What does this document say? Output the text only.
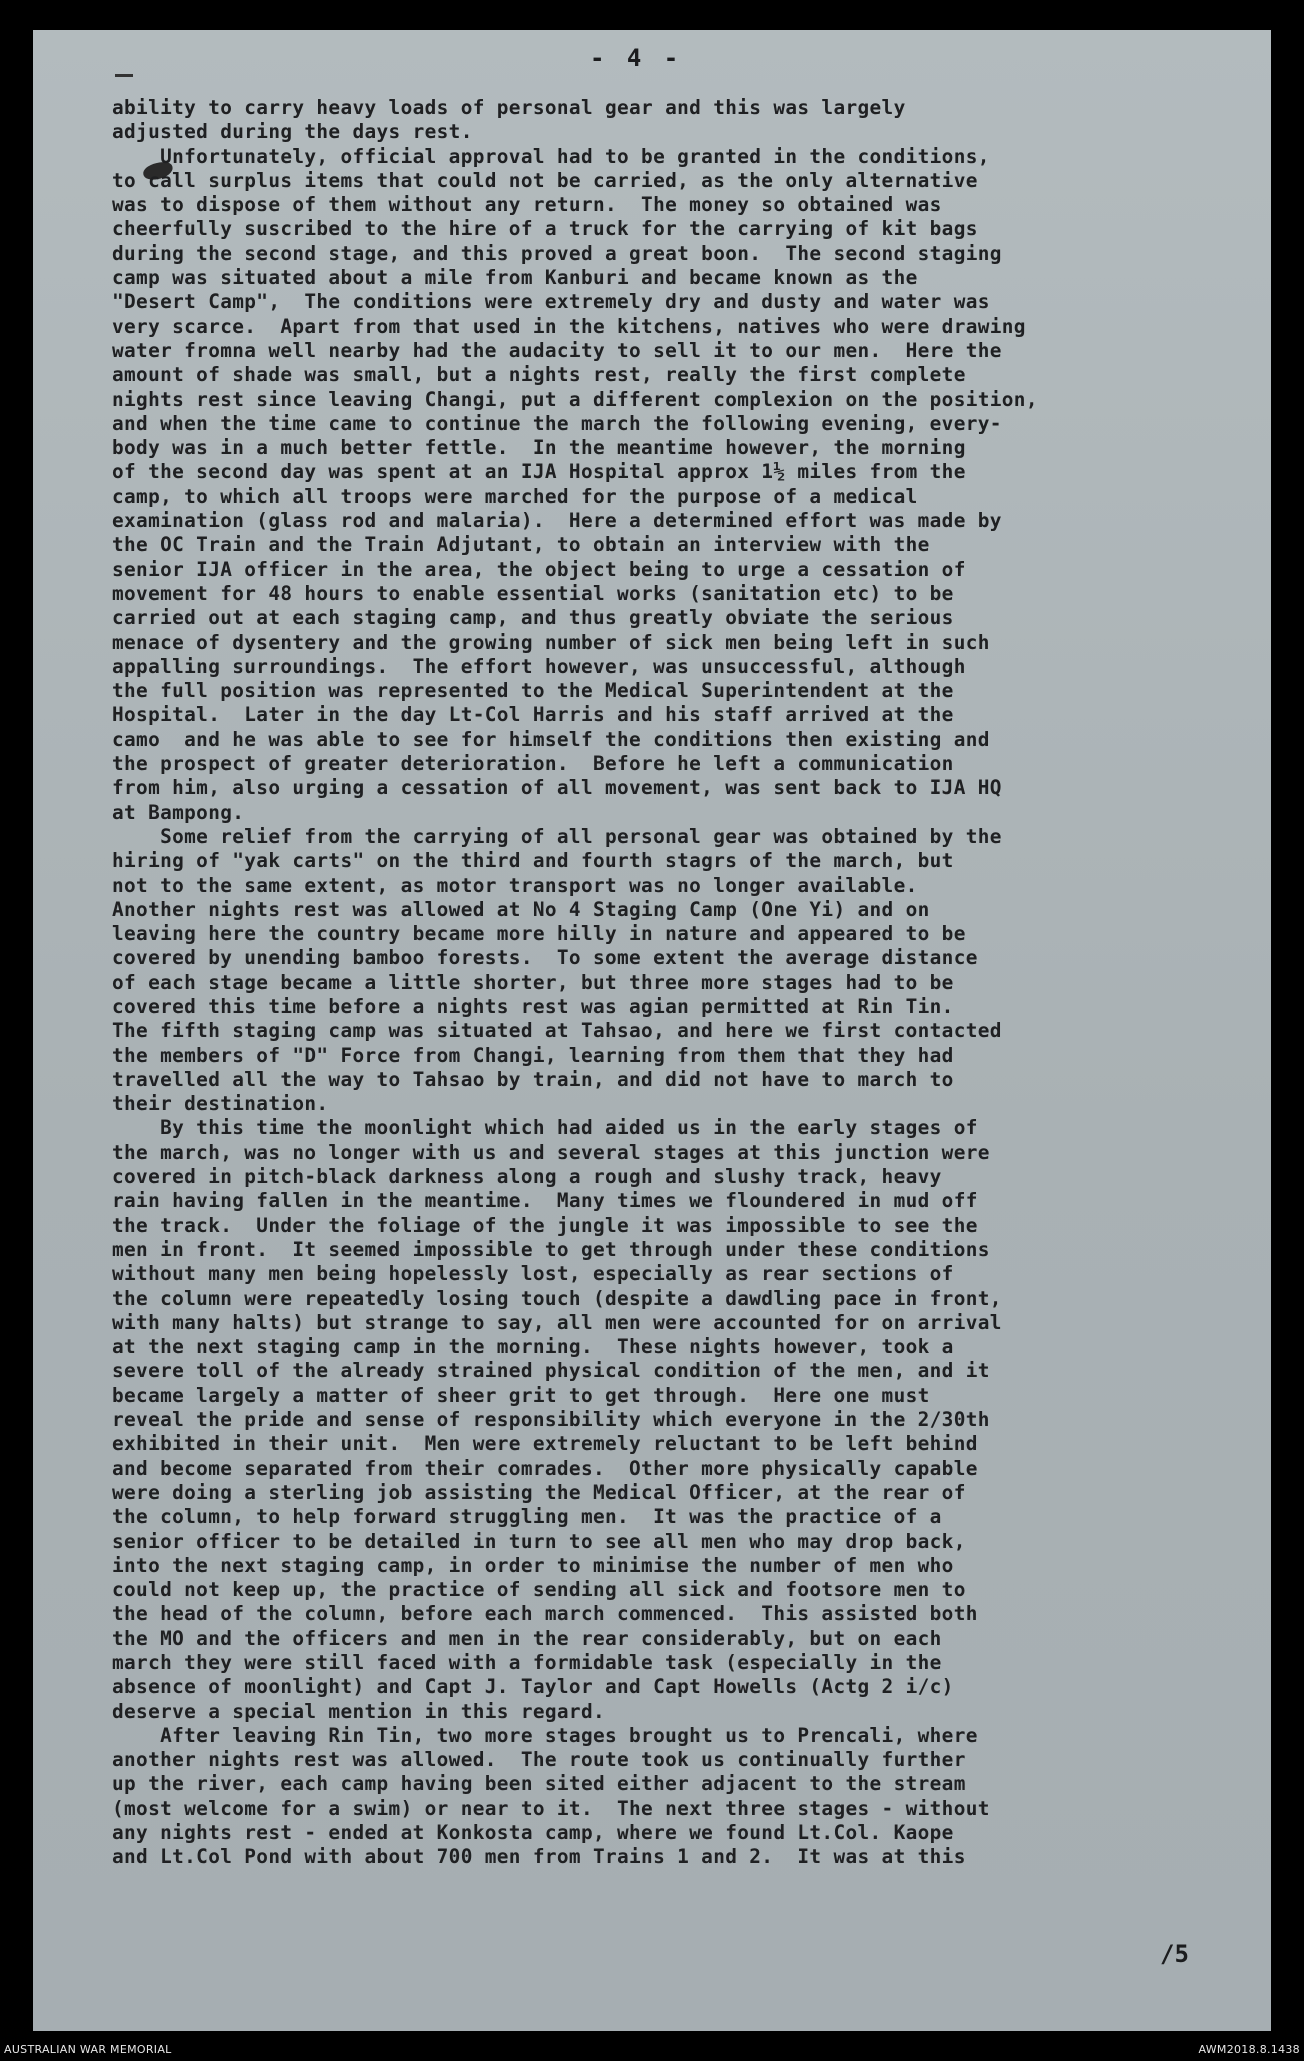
- 4 -

ability to carry heavy loads of personal gear and this was largely
adjusted during the days rest.
Unfortunately, official approval had to be granted in the conditions,
to call surplus items that could not be carried, as the only alternative
was to dispose of them without any return.  The money so obtained was
cheerfully suscribed to the hire of a truck for the carrying of kit bags
during the second stage, and this proved a great boon.  The second staging
camp was situated about a mile from Kanburi and became known as the
"Desert Camp",  The conditions were extremely dry and dusty and water was
very scarce.  Apart from that used in the kitchens, natives who were drawing
water fromna well nearby had the audacity to sell it to our men.  Here the
amount of shade was small, but a nights rest, really the first complete
nights rest since leaving Changi, put a different complexion on the position,
and when the time came to continue the march the following evening, every-
body was in a much better fettle.  In the meantime however, the morning
of the second day was spent at an IJA Hospital approx 1½ miles from the
camp, to which all troops were marched for the purpose of a medical
examination (glass rod and malaria).  Here a determined effort was made by
the OC Train and the Train Adjutant, to obtain an interview with the
senior IJA officer in the area, the object being to urge a cessation of
movement for 48 hours to enable essential works (sanitation etc) to be
carried out at each staging camp, and thus greatly obviate the serious
menace of dysentery and the growing number of sick men being left in such
appalling surroundings.  The effort however, was unsuccessful, although
the full position was represented to the Medical Superintendent at the
Hospital.  Later in the day Lt-Col Harris and his staff arrived at the
camo  and he was able to see for himself the conditions then existing and
the prospect of greater deterioration.  Before he left a communication
from him, also urging a cessation of all movement, was sent back to IJA HQ
at Bampong.
Some relief from the carrying of all personal gear was obtained by the
hiring of "yak carts" on the third and fourth stagrs of the march, but
not to the same extent, as motor transport was no longer available.
Another nights rest was allowed at No 4 Staging Camp (One Yi) and on
leaving here the country became more hilly in nature and appeared to be
covered by unending bamboo forests.  To some extent the average distance
of each stage became a little shorter, but three more stages had to be
covered this time before a nights rest was agian permitted at Rin Tin.
The fifth staging camp was situated at Tahsao, and here we first contacted
the members of "D" Force from Changi, learning from them that they had
travelled all the way to Tahsao by train, and did not have to march to
their destination.
By this time the moonlight which had aided us in the early stages of
the march, was no longer with us and several stages at this junction were
covered in pitch-black darkness along a rough and slushy track, heavy
rain having fallen in the meantime.  Many times we floundered in mud off
the track.  Under the foliage of the jungle it was impossible to see the
men in front.  It seemed impossible to get through under these conditions
without many men being hopelessly lost, especially as rear sections of
the column were repeatedly losing touch (despite a dawdling pace in front,
with many halts) but strange to say, all men were accounted for on arrival
at the next staging camp in the morning.  These nights however, took a
severe toll of the already strained physical condition of the men, and it
became largely a matter of sheer grit to get through.  Here one must
reveal the pride and sense of responsibility which everyone in the 2/30th
exhibited in their unit.  Men were extremely reluctant to be left behind
and become separated from their comrades.  Other more physically capable
were doing a sterling job assisting the Medical Officer, at the rear of
the column, to help forward struggling men.  It was the practice of a
senior officer to be detailed in turn to see all men who may drop back,
into the next staging camp, in order to minimise the number of men who
could not keep up, the practice of sending all sick and footsore men to
the head of the column, before each march commenced.  This assisted both
the MO and the officers and men in the rear considerably, but on each
march they were still faced with a formidable task (especially in the
absence of moonlight) and Capt J. Taylor and Capt Howells (Actg 2 i/c)
deserve a special mention in this regard.
After leaving Rin Tin, two more stages brought us to Prencali, where
another nights rest was allowed.  The route took us continually further
up the river, each camp having been sited either adjacent to the stream
(most welcome for a swim) or near to it.  The next three stages - without
any nights rest - ended at Konkosta camp, where we found Lt.Col. Kaope
and Lt.Col Pond with about 700 men from Trains 1 and 2.  It was at this

/5

AUSTRALIAN WAR MEMORIAL	AWM2018.8.1438
